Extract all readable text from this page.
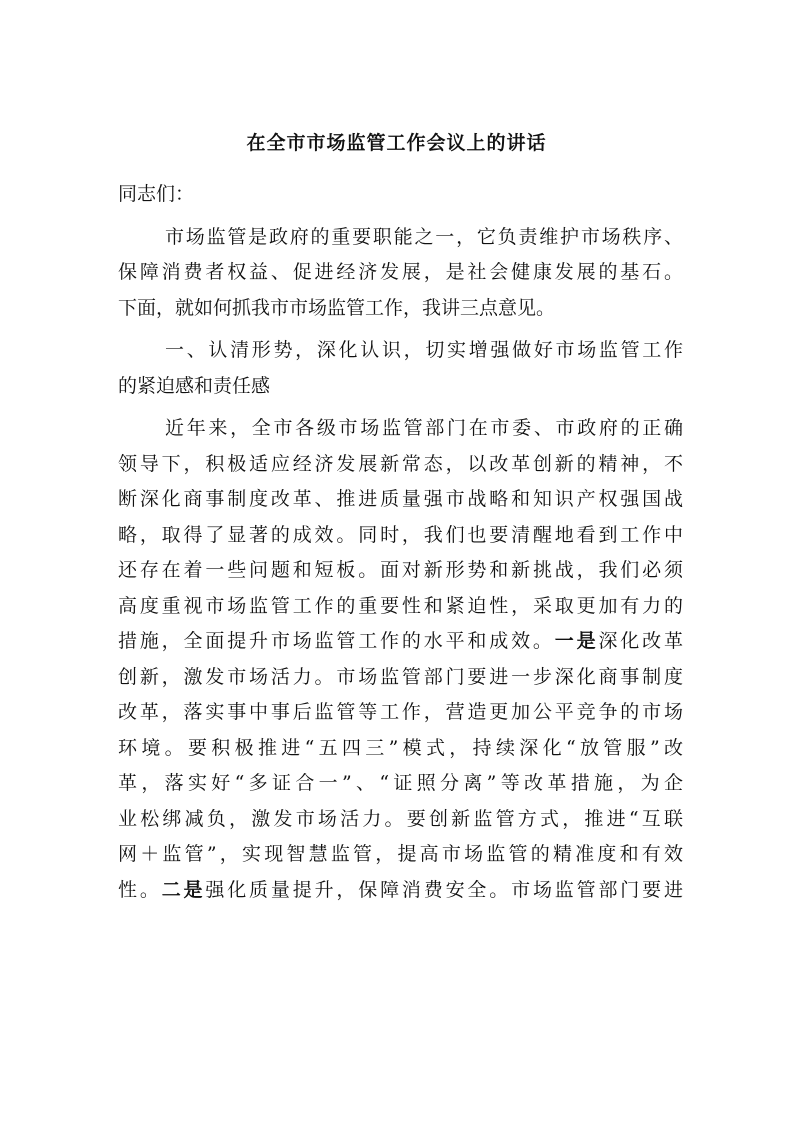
在全市市场监管工作会议上的讲话
同志们：
市场监管是政府的重要职能之一，它负责维护市场秩序、
保障消费者权益、促进经济发展，是社会健康发展的基石。
下面，就如何抓我市市场监管工作，我讲三点意见。
一、认清形势，深化认识，切实增强做好市场监管工作
的紧迫感和责任感
近年来，全市各级市场监管部门在市委、市政府的正确
领导下，积极适应经济发展新常态，以改革创新的精神，不
断深化商事制度改革、推进质量强市战略和知识产权强国战
略，取得了显著的成效。同时，我们也要清醒地看到工作中
还存在着一些问题和短板。面对新形势和新挑战，我们必须
高度重视市场监管工作的重要性和紧迫性，采取更加有力的
措施，全面提升市场监管工作的水平和成效。一是深化改革
创新，激发市场活力。市场监管部门要进一步深化商事制度
改革，落实事中事后监管等工作，营造更加公平竞争的市场
环境。要积极推进“五四三”模式，持续深化“放管服”改
革，落实好“多证合一”、“证照分离”等改革措施，为企
业松绑减负，激发市场活力。要创新监管方式，推进“互联
网＋监管”，实现智慧监管，提高市场监管的精准度和有效
性。二是强化质量提升，保障消费安全。市场监管部门要进
